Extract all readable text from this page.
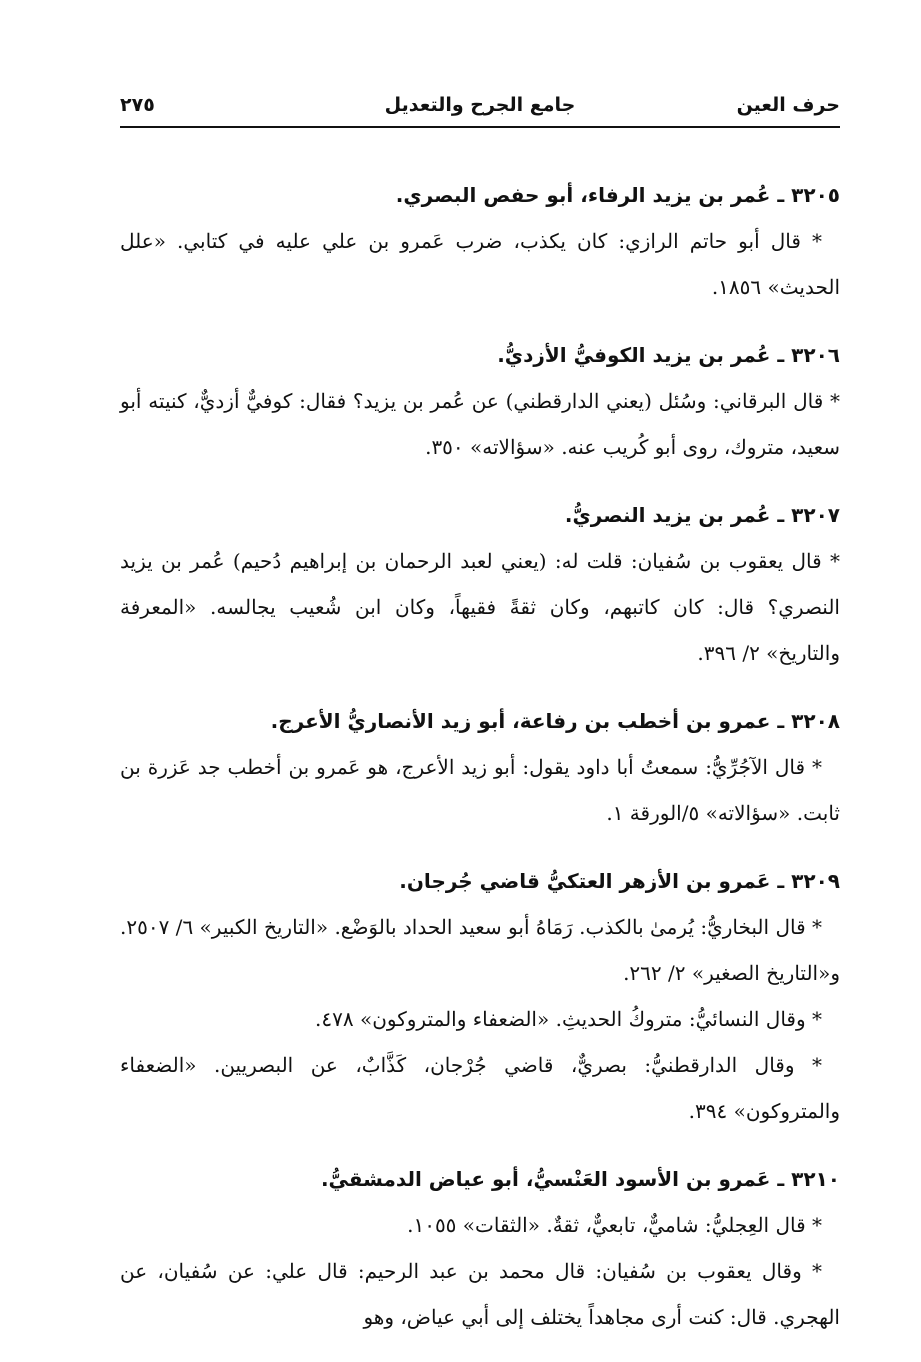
حرف العين
جامع الجرح والتعديل
٢٧٥

٣٢٠٥ ـ عُمر بن يزيد الرفاء، أبو حفص البصري.

* قال أبو حاتم الرازي: كان يكذب، ضرب عَمرو بن علي عليه في كتابي. «علل الحديث» ١٨٥٦.

٣٢٠٦ ـ عُمر بن يزيد الكوفيُّ الأزديُّ.

* قال البرقاني: وسُئل (يعني الدارقطني) عن عُمر بن يزيد؟ فقال: كوفيٌّ أزديٌّ، كنيته أبو سعيد، متروك، روى أبو كُريب عنه. «سؤالاته» ٣٥٠.

٣٢٠٧ ـ عُمر بن يزيد النصريُّ.

* قال يعقوب بن سُفيان: قلت له: (يعني لعبد الرحمان بن إبراهيم دُحيم) عُمر بن يزيد النصري؟ قال: كان كاتبهم، وكان ثقةً فقيهاً، وكان ابن شُعيب يجالسه. «المعرفة والتاريخ» ٢/ ٣٩٦.

٣٢٠٨ ـ عمرو بن أخطب بن رفاعة، أبو زيد الأنصاريُّ الأعرج.

* قال الآجُرِّيُّ: سمعتُ أبا داود يقول: أبو زيد الأعرج، هو عَمرو بن أخطب جد عَزرة بن ثابت. «سؤالاته» ٥/الورقة ١.

٣٢٠٩ ـ عَمرو بن الأزهر العتكيُّ قاضي جُرجان.

* قال البخاريُّ: يُرمىٰ بالكذب. رَمَاهُ أبو سعيد الحداد بالوَضْع. «التاريخ الكبير» ٦/ ٢٥٠٧. و«التاريخ الصغير» ٢/ ٢٦٢.

* وقال النسائيُّ: متروكُ الحديثِ. «الضعفاء والمتروكون» ٤٧٨.

* وقال الدارقطنيُّ: بصريٌّ، قاضي جُرْجان، كَذَّابٌ، عن البصريين. «الضعفاء والمتروكون» ٣٩٤.

٣٢١٠ ـ عَمرو بن الأسود العَنْسيُّ، أبو عياض الدمشقيُّ.

* قال العِجليُّ: شاميٌّ، تابعيٌّ، ثقةٌ. «الثقات» ١٠٥٥.

* وقال يعقوب بن سُفيان: قال محمد بن عبد الرحيم: قال علي: عن سُفيان، عن الهجري. قال: كنت أرى مجاهداً يختلف إلى أبي عياض، وهو
